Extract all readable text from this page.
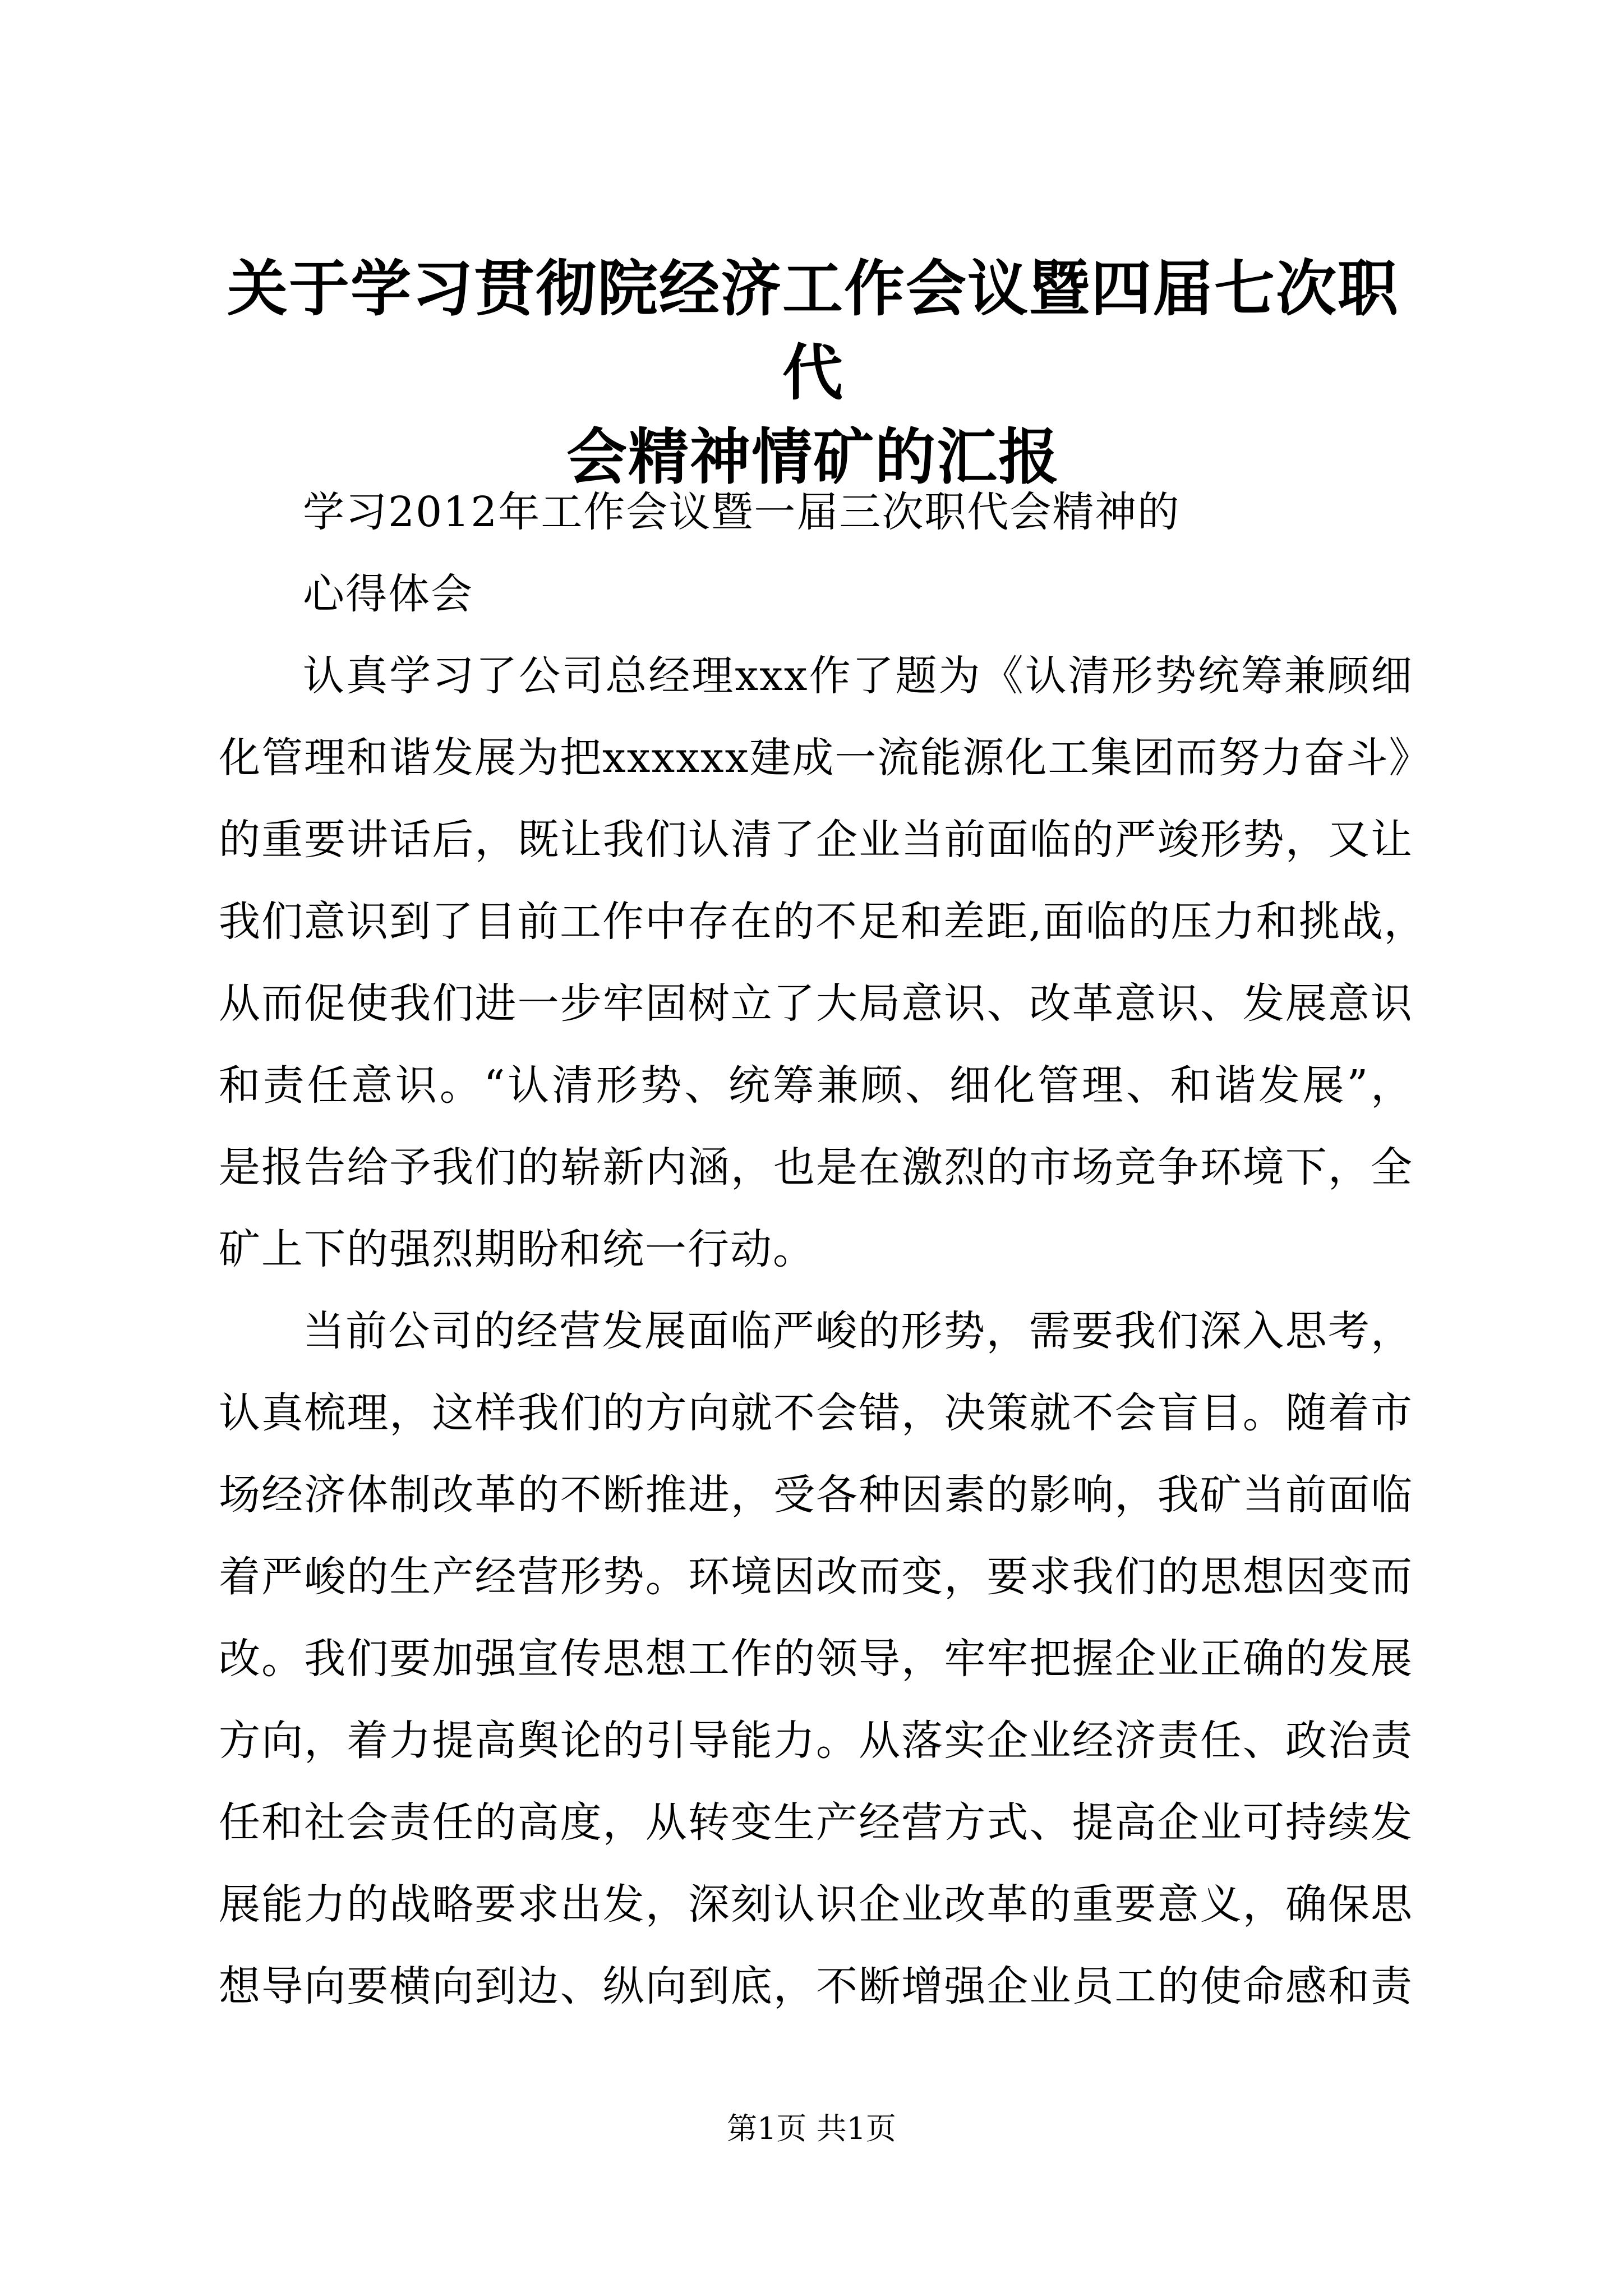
关于学习贯彻院经济工作会议暨四届七次职代
会精神情矿的汇报
学习2012年工作会议暨一届三次职代会精神的
心得体会
认真学习了公司总经理xxx作了题为《认清形势统筹兼顾细
化管理和谐发展为把xxxxxx建成一流能源化工集团而努力奋斗》
的重要讲话后，既让我们认清了企业当前面临的严竣形势，又让
我们意识到了目前工作中存在的不足和差距,面临的压力和挑战，
从而促使我们进一步牢固树立了大局意识、改革意识、发展意识
和责任意识。“认清形势、统筹兼顾、细化管理、和谐发展”，
是报告给予我们的崭新内涵，也是在激烈的市场竞争环境下，全
矿上下的强烈期盼和统一行动。
当前公司的经营发展面临严峻的形势，需要我们深入思考，
认真梳理，这样我们的方向就不会错，决策就不会盲目。随着市
场经济体制改革的不断推进，受各种因素的影响，我矿当前面临
着严峻的生产经营形势。环境因改而变，要求我们的思想因变而
改。我们要加强宣传思想工作的领导，牢牢把握企业正确的发展
方向，着力提高舆论的引导能力。从落实企业经济责任、政治责
任和社会责任的高度，从转变生产经营方式、提高企业可持续发
展能力的战略要求出发，深刻认识企业改革的重要意义，确保思
想导向要横向到边、纵向到底，不断增强企业员工的使命感和责
第1页 共1页
